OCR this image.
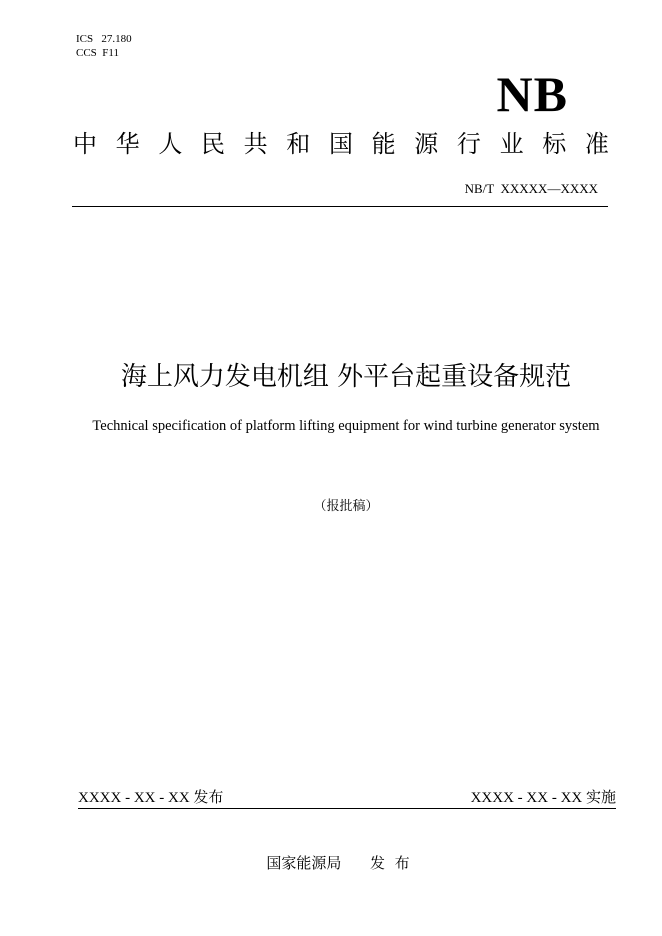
ICS   27.180
CCS  F11
NB
中 华 人 民 共 和 国 能 源 行 业 标 准
NB/T  XXXXX—XXXX
海上风力发电机组 外平台起重设备规范
Technical specification of platform lifting equipment for wind turbine generator system
（报批稿）
XXXX - XX - XX 发布	XXXX - XX - XX 实施
国家能源局      发  布
